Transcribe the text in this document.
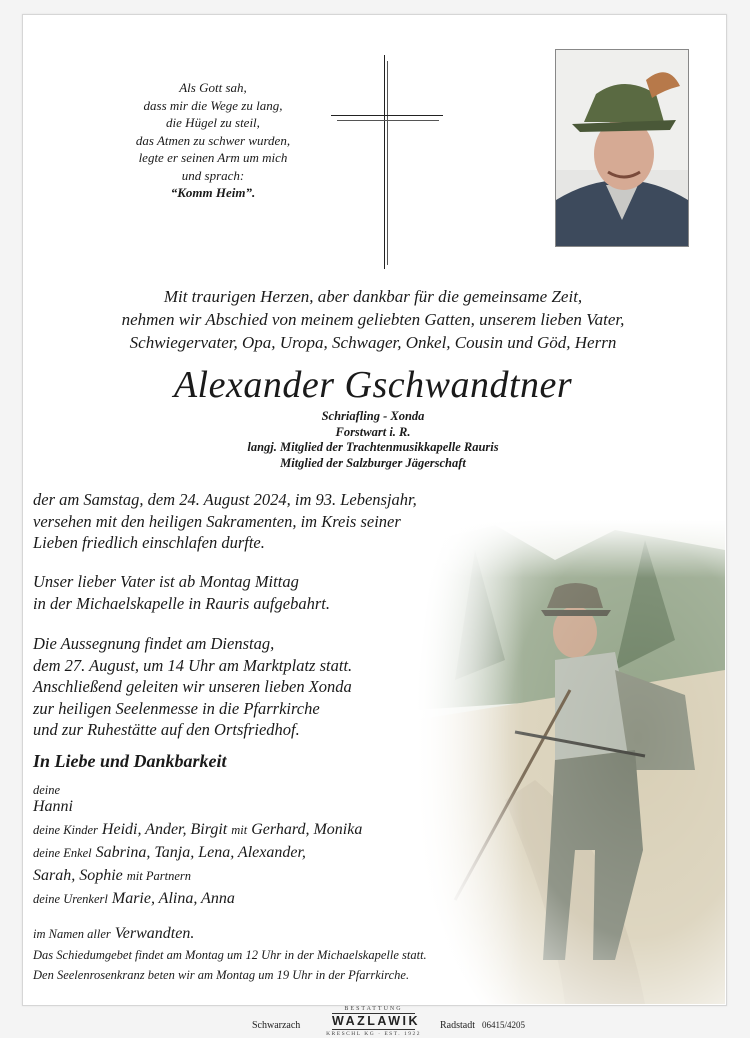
Als Gott sah,
dass mir die Wege zu lang,
die Hügel zu steil,
das Atmen zu schwer wurden,
legte er seinen Arm um mich
und sprach:
“Komm Heim”.
Mit traurigen Herzen, aber dankbar für die gemeinsame Zeit,
nehmen wir Abschied von meinem geliebten Gatten, unserem lieben Vater,
Schwiegervater, Opa, Uropa, Schwager, Onkel, Cousin und Göd, Herrn
Alexander Gschwandtner
Schriafling - Xonda
Forstwart i. R.
langj. Mitglied der Trachtenmusikkapelle Rauris
Mitglied der Salzburger Jägerschaft
der am Samstag, dem 24. August 2024, im 93. Lebensjahr,
versehen mit den heiligen Sakramenten, im Kreis seiner
Lieben friedlich einschlafen durfte.
Unser lieber Vater ist ab Montag Mittag
in der Michaelskapelle in Rauris aufgebahrt.
Die Aussegnung findet am Dienstag,
dem 27. August, um 14 Uhr am Marktplatz statt.
Anschließend geleiten wir unseren lieben Xonda
zur heiligen Seelenmesse in die Pfarrkirche
und zur Ruhestätte auf den Ortsfriedhof.
In Liebe und Dankbarkeit
deine
Hanni
deine Kinder Heidi, Ander, Birgit mit Gerhard, Monika
deine Enkel Sabrina, Tanja, Lena, Alexander,
Sarah, Sophie mit Partnern
deine Urenkerl Marie, Alina, Anna
im Namen aller Verwandten.
Das Schiedumgebet findet am Montag um 12 Uhr in der Michaelskapelle statt.
Den Seelenrosenkranz beten wir am Montag um 19 Uhr in der Pfarrkirche.
Schwarzach
BESTATTUNG
WAZLAWIK
KRESCHL KG · EST. 1922
Radstadt 06415/4205
